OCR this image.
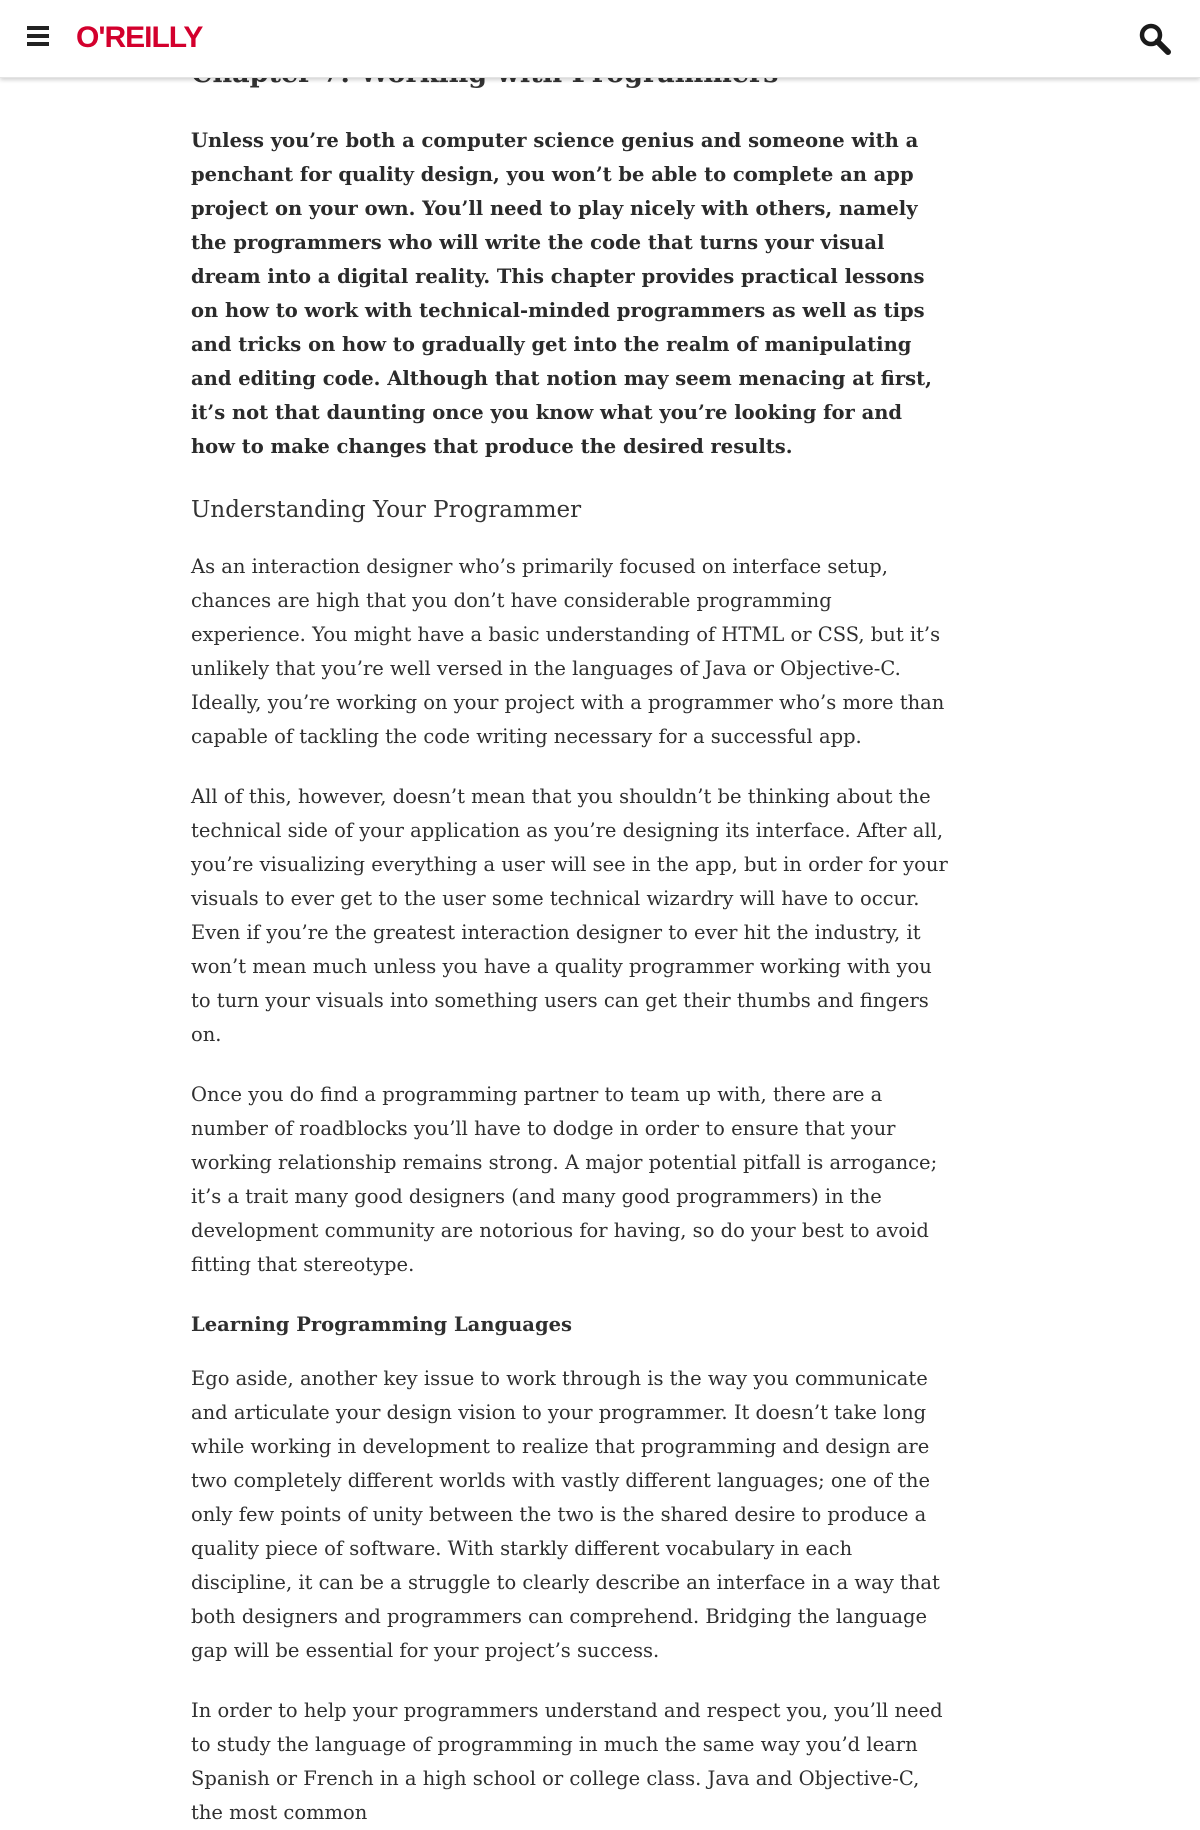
O'REILLY

Unless you’re both a computer science genius and someone with a penchant for quality design, you won’t be able to complete an app project on your own. You’ll need to play nicely with others, namely the programmers who will write the code that turns your visual dream into a digital reality. This chapter provides practical lessons on how to work with technical-minded programmers as well as tips and tricks on how to gradually get into the realm of manipulating and editing code. Although that notion may seem menacing at first, it’s not that daunting once you know what you’re looking for and how to make changes that produce the desired results.

Understanding Your Programmer

As an interaction designer who’s primarily focused on interface setup, chances are high that you don’t have considerable programming experience. You might have a basic understanding of HTML or CSS, but it’s unlikely that you’re well versed in the languages of Java or Objective-C. Ideally, you’re working on your project with a programmer who’s more than capable of tackling the code writing necessary for a successful app.

All of this, however, doesn’t mean that you shouldn’t be thinking about the technical side of your application as you’re designing its interface. After all, you’re visualizing everything a user will see in the app, but in order for your visuals to ever get to the user some technical wizardry will have to occur. Even if you’re the greatest interaction designer to ever hit the industry, it won’t mean much unless you have a quality programmer working with you to turn your visuals into something users can get their thumbs and fingers on.

Once you do find a programming partner to team up with, there are a number of roadblocks you’ll have to dodge in order to ensure that your working relationship remains strong. A major potential pitfall is arrogance; it’s a trait many good designers (and many good programmers) in the development community are notorious for having, so do your best to avoid fitting that stereotype.

Learning Programming Languages

Ego aside, another key issue to work through is the way you communicate and articulate your design vision to your programmer. It doesn’t take long while working in development to realize that programming and design are two completely different worlds with vastly different languages; one of the only few points of unity between the two is the shared desire to produce a quality piece of software. With starkly different vocabulary in each discipline, it can be a struggle to clearly describe an interface in a way that both designers and programmers can comprehend. Bridging the language gap will be essential for your project’s success.

In order to help your programmers understand and respect you, you’ll need to study the language of programming in much the same way you’d learn Spanish or French in a high school or college class. Java and Objective-C, the most common
